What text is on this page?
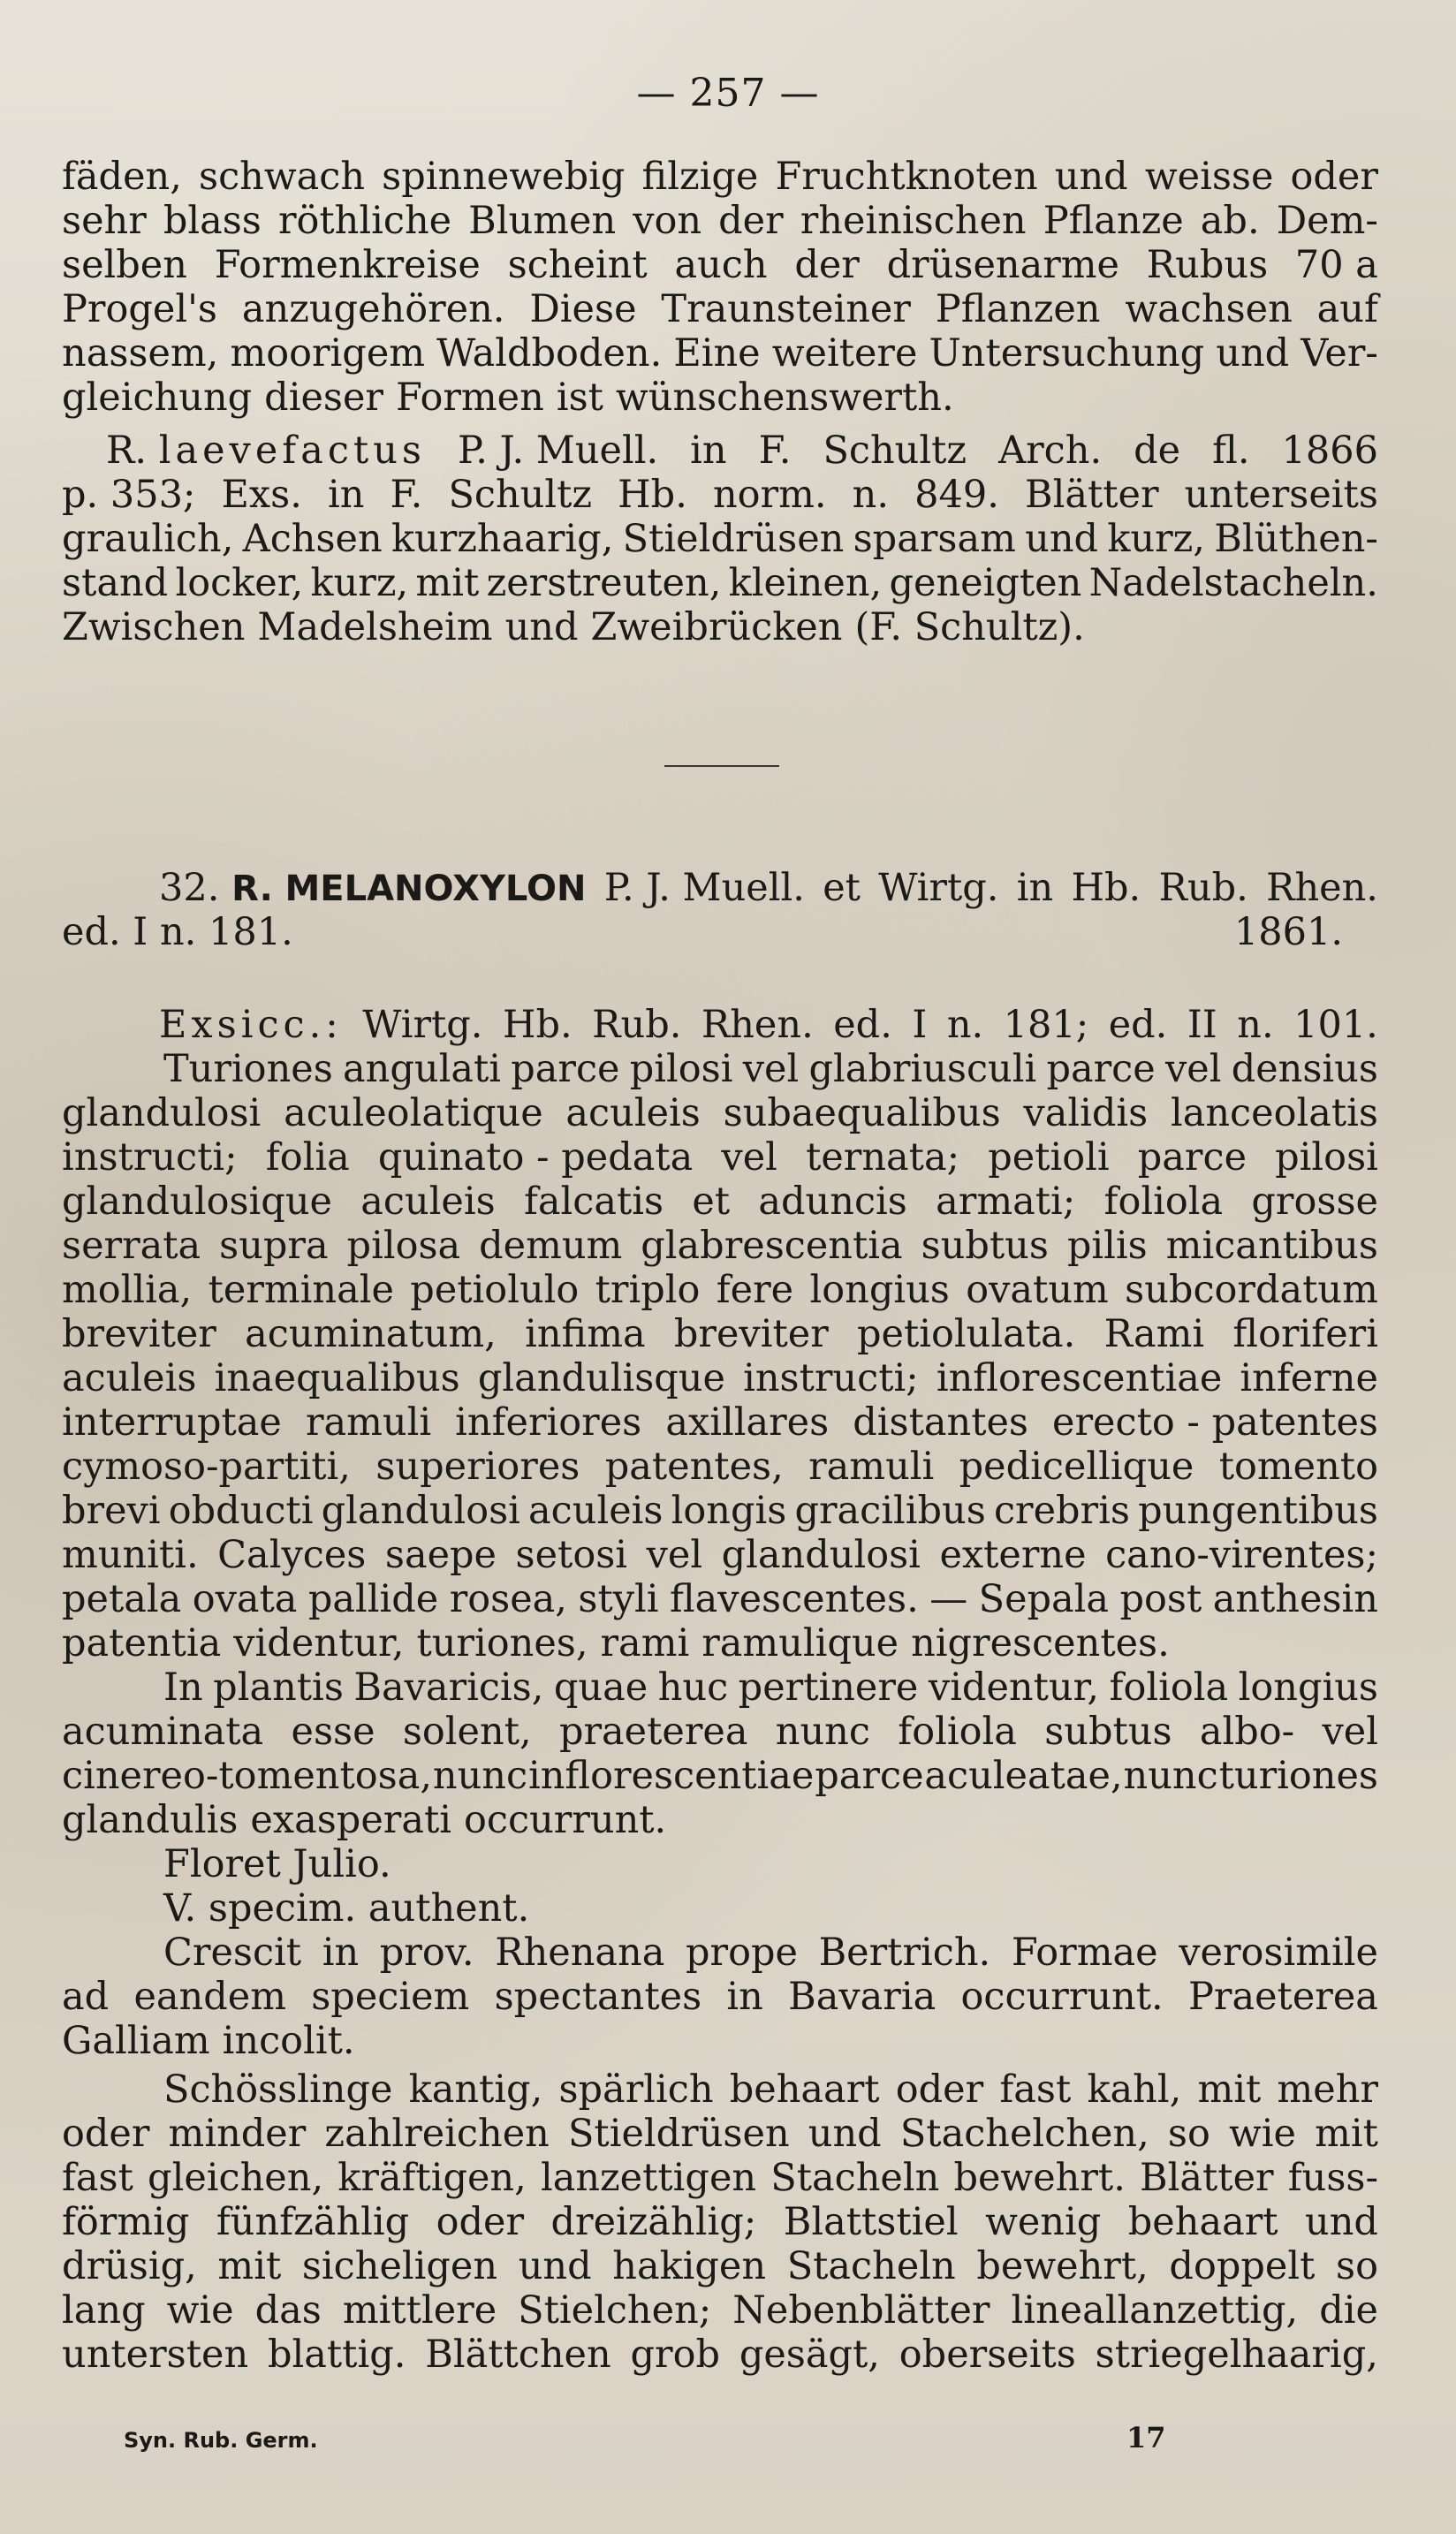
— 257 —
fäden, schwach spinnewebig filzige Fruchtknoten und weisse oder
sehr blass röthliche Blumen von der rheinischen Pflanze ab. Dem-
selben Formenkreise scheint auch der drüsenarme Rubus 70 a
Progel's anzugehören. Diese Traunsteiner Pflanzen wachsen auf
nassem, moorigem Waldboden. Eine weitere Untersuchung und Ver-
gleichung dieser Formen ist wünschenswerth.
R. laevefactus P. J. Muell. in F. Schultz Arch. de fl. 1866
p. 353; Exs. in F. Schultz Hb. norm. n. 849. Blätter unterseits
graulich, Achsen kurzhaarig, Stieldrüsen sparsam und kurz, Blüthen-
stand locker, kurz, mit zerstreuten, kleinen, geneigten Nadelstacheln.
Zwischen Madelsheim und Zweibrücken (F. Schultz).
32. R. MELANOXYLON P. J. Muell. et Wirtg. in Hb. Rub. Rhen.
ed. I n. 181.	1861.
Exsicc.: Wirtg. Hb. Rub. Rhen. ed. I n. 181; ed. II n. 101.
Turiones angulati parce pilosi vel glabriusculi parce vel densius
glandulosi aculeolatique aculeis subaequalibus validis lanceolatis
instructi; folia quinato - pedata vel ternata; petioli parce pilosi
glandulosique aculeis falcatis et aduncis armati; foliola grosse
serrata supra pilosa demum glabrescentia subtus pilis micantibus
mollia, terminale petiolulo triplo fere longius ovatum subcordatum
breviter acuminatum, infima breviter petiolulata. Rami floriferi
aculeis inaequalibus glandulisque instructi; inflorescentiae inferne
interruptae ramuli inferiores axillares distantes erecto - patentes
cymoso-partiti, superiores patentes, ramuli pedicellique tomento
brevi obducti glandulosi aculeis longis gracilibus crebris pungentibus
muniti. Calyces saepe setosi vel glandulosi externe cano-virentes;
petala ovata pallide rosea, styli flavescentes. — Sepala post anthesin
patentia videntur, turiones, rami ramulique nigrescentes.
In plantis Bavaricis, quae huc pertinere videntur, foliola longius
acuminata esse solent, praeterea nunc foliola subtus albo- vel
cinereo-tomentosa, nunc inflorescentiae parce aculeatae, nunc turiones
glandulis exasperati occurrunt.
Floret Julio.
V. specim. authent.
Crescit in prov. Rhenana prope Bertrich. Formae verosimile
ad eandem speciem spectantes in Bavaria occurrunt. Praeterea
Galliam incolit.
Schösslinge kantig, spärlich behaart oder fast kahl, mit mehr
oder minder zahlreichen Stieldrüsen und Stachelchen, so wie mit
fast gleichen, kräftigen, lanzettigen Stacheln bewehrt. Blätter fuss-
förmig fünfzählig oder dreizählig; Blattstiel wenig behaart und
drüsig, mit sicheligen und hakigen Stacheln bewehrt, doppelt so
lang wie das mittlere Stielchen; Nebenblätter lineallanzettig, die
untersten blattig. Blättchen grob gesägt, oberseits striegelhaarig,
Syn. Rub. Germ.	17
